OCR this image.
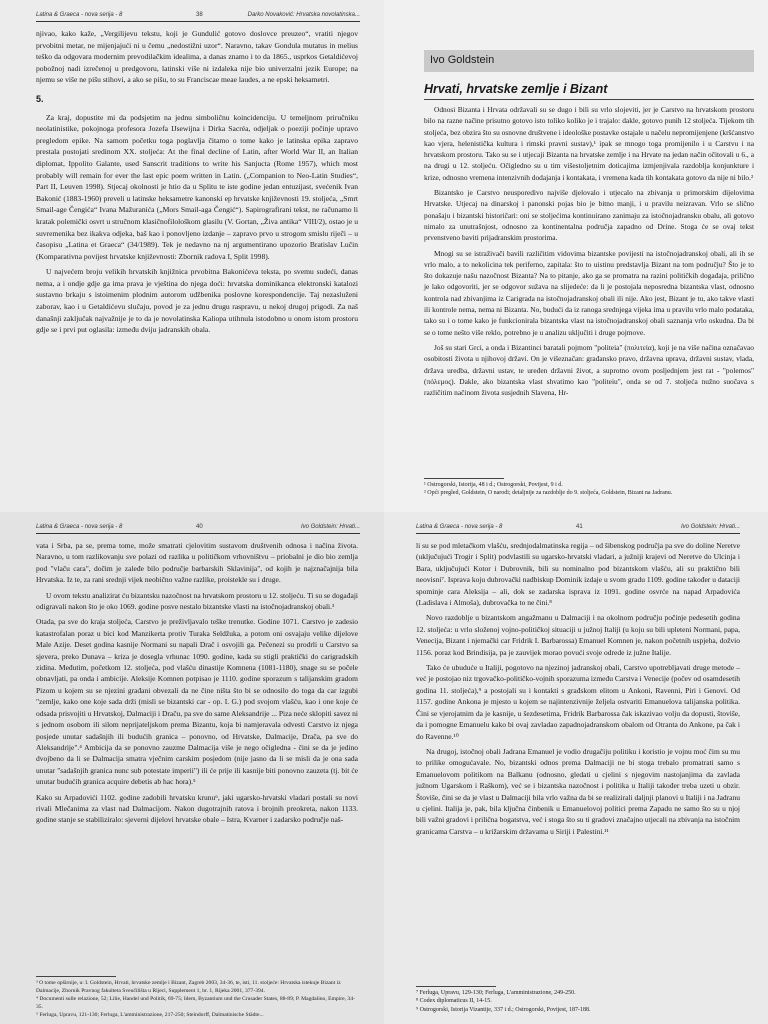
Latina & Graeca - nova serija - 8	38	Darko Novaković: Hrvatska novolatinska...

njivao, kako kaže, „Vergilijevu tekstu, koji je Gundulić gotovo doslovce preuzeo“, vratiti njegov prvobitni metar, ne mijenjajući ni u čemu „nedostižni uzor“. Naravno, takav Gondula mutatus in melius teško da odgovara modernim prevodilačkim idealima, a danas znamo i to da 1865., usprkos Getaldićevoj pobožnoj nadi izrečenoj u predgovoru, latinski više ni izdaleka nije bio univerzalni jezik Europe; na njemu se više ne pišu stihovi, a ako se pišu, to su Franciscae meae laudes, a ne epski heksametri.

5.

Za kraj, dopustite mi da podsjetim na jednu simboličnu koincidenciju. U temeljnom priručniku neolatinistike, pokojnoga profesora Jozefa IJsewijna i Dirka Sacréa, odjeljak o poeziji počinje upravo pregledom epike. Na samom početku toga poglavlja čitamo o tome kako je latinska epika zapravo prestala postojati sredinom XX. stoljeća: At the final decline of Latin, after World War II, an Italian diplomat, Ippolito Galante, used Sanscrit traditions to write his Sanjucta (Rome 1957), which most probably will remain for ever the last epic poem written in Latin. („Companion to Neo-Latin Studies“, Part II, Leuven 1998). Stjecaj okolnosti je htio da u Splitu te iste godine jedan entuzijast, svećenik Ivan Bakonić (1883-1960) preveli u latinske heksametre kanonski ep hrvatske književnosti 19. stoljeća, „Smrt Smail-age Čengića“ Ivana Mažuranića („Mors Smail-aga Čengić“). Sapirografirani tekst, ne računamo li kratak polemički osvrt u stručnom klasičnofilološkom glasilu (V. Gortan, „Živa antika“ VIII/2), ostao je u suvremenika bez ikakva odjeka, baš kao i ponovljeno izdanje – zapravo prvo u strogom smislu riječi – u časopisu „Latina et Graeca“ (34/1989). Tek je nedavno na nj argumentirano upozorio Bratislav Lučin (Komparativna povijest hrvatske književnosti: Zbornik radova I, Split 1998).

U najvećem broju velikih hrvatskih knjižnica prvobitna Bakonićeva teksta, po svemu sudeći, danas nema, a i ondje gdje ga ima prava je vještina do njega doći: hrvatska dominikanca elektronski katalozi sustavno brkaju s istoimenim plodnim autorom udžbenika poslovne korespondencije. Taj nezasluženi zaborav, kao i u Getaldićevu slučaju, povod je za jednu drugu raspravu, u nekoj drugoj prigodi. Za naš današnji zaključak najvažnije je to da je novolatinska Kaliopa utihnula istodobno u onom istom prostoru gdje se i prvi put oglasila: između dviju jadranskih obala.

Ivo Goldstein
Hrvati, hrvatske zemlje i Bizant

Odnosi Bizanta i Hrvata održavali su se dugo i bili su vrlo slojeviti, jer je Carstvo na hrvatskom prostoru bilo na razne načine prisutno gotovo isto toliko koliko je i trajalo: dakle, gotovo punih 12 stoljeća. Tijekom tih stoljeća, bez obzira što su osnovne društvene i ideološke postavke ostajale u načelu nepromijenjene (kršćanstvo kao vjera, helenistička kultura i rimski pravni sustav),¹ ipak se mnogo toga promijenilo i u Carstvu i na hrvatskom prostoru. Tako su se i utjecaji Bizanta na hrvatske zemlje i na Hrvate na jedan način očitovali u 6., a na drugi u 12. stoljeću. Očigledno su u tim višestoljetnim doticajima izmjenjivala razdoblja konjunkture i krize, odnosno vremena intenzivnih dodajanja i kontakata, i vremena kada tih kontakata gotovo da nije ni bilo.²

Bizantsko je Carstvo neusporedivo najviše djelovalo i utjecalo na zbivanja u primorskim dijelovima Hrvatske. Utjecaj na dinarskoj i panonski pojas bio je bitno manji, i u pravilu neizravan. Vrlo se slično ponašaju i bizantski historičari: oni se stoljećima kontinuirano zanimaju za istočnojadransku obalu, ali gotovo nimalo za unutrašnjost, odnosno za kontinentalna područja zapadno od Drine. Stoga će se ovaj tekst prvenstveno baviti prijadranskim prostorima.

Mnogi su se istraživači bavili različitim vidovima bizantske povijesti na istočnojadranskoj obali, ali ih se vrlo malo, a to nekolicina tek periferno, zapitala: što to uistinu predstavlja Bizant na tom području? Što je to što dokazuje našu nazočnost Bizanta? Na to pitanje, ako ga se promatra na razini političkih događaja, prilično je lako odgovoriti, jer se odgovor sužava na slijedeće: da li je postojala neposredna bizantska vlast, odnosno kontrola nad zbivanjima iz Carigrada na istočnojadranskoj obali ili nije. Ako jest, Bizant je tu, ako takve vlasti ili kontrole nema, nema ni Bizanta. No, budući da iz ranoga srednjega vijeka ima u pravilu vrlo malo podataka, tako su i o tome kako je funkcionirala bizantska vlast na istočnojadranskoj obali saznanja vrlo oskudna. Da bi se o tome nešto više reklo, potrebno je u analizu uključiti i druge pojmove.

Još su stari Grci, a onda i Bizantinci baratali pojmom "politeia" (πολιτεία), koji je na više načina označavao osobitosti života u njihovoj državi. On je višeznačan: građansko pravo, državna uprava, državni sustav, vlada, država uredba, državni ustav, te uređen državni život, a suprotno ovom posljednjem jest rat - "polemos" (πόλεμος). Dakle, ako bizantska vlast shvatimo kao "politeiu", onda se od 7. stoljeća nužno suočava s različitim načinom života susjednih Slavena, Hr-

¹ Ostrogorski, Istorija, 48 i d.; Ostrogorski, Povijest, 9 i d.
² Opći pregled, Goldstein, O narodi; detaljnije za razdoblje do 9. stoljeća, Goldstein, Bizant na Jadranu.
Latina & Graeca - nova serija - 8	40	Ivo Goldstein: Hrvati...

vata i Srba, pa se, prema tome, može smatrati cjelovitim sustavom društvenih odnosa i načina života. Naravno, u tom razlikovanju sve polazi od razlika u političkom vrhovništvu – priobalni je dio bio zemlja pod "vlaču cara", dočim je zaleđe bilo područje barbarskih Sklavinija", od kojih je najznačajnija bila Hrvatska. Iz te, za rani srednji vijek neobično važne razlike, proistekle su i druge.

U ovom tekstu analizirat ću bizantsku nazočnost na hrvatskom prostoru u 12. stoljeću. Ti su se događaji odigravali nakon što je oko 1069. godine posve nestalo bizantske vlasti na istočnojadranskoj obali.³

Otada, pa sve do kraja stoljeća, Carstvo je preživljavalo teške trenutke. Godine 1071. Carstvo je zadesio katastrofalan poraz u bici kod Manzikerta protiv Turaka Seldžuka, a potom oni osvajaju velike dijelove Male Azije. Deset godina kasnije Normani su napali Drač i osvojili ga. Pečenezi su prodrli u Carstvo sa sjevera, preko Dunava – kriza je dosegla vrhunac 1090. godine, kada su stigli praktički do carigradskih zidina. Međutim, početkom 12. stoljeća, pod vlašću dinastije Komnena (1081-1180), snage su se počele obnavljati, pa onda i ambicije. Aleksije Komnen potpisao je 1110. godine sporazum s talijanskim gradom Pizom u kojem su se njezini građani obvezali da ne čine ništa što bi se odnosilo do toga da car izgubi "zemlje, kako one koje sada drži (misli se bizantski car - op. I. G.) pod svojom vlašću, kao i one koje će odsada prisvojiti u Hrvatskoj, Dalmaciji i Draču, pa sve do same Aleksandrije ... Piza neće sklopiti savez ni s jednom osobom ili silom neprijateljskom prema Bizantu, koja bi namjeravala odvesti Carstvo iz njega posjede unutar sadašnjih ili budućih granica – ponovno, od Hrvatske, Dalmacije, Drača, pa sve do Aleksandrije".⁴ Ambicija da se ponovno zauzme Dalmacija više je nego očigledna - čini se da je jedino dvojbeno da li se Dalmacija smatra vječnim carskim posjedom (nije jasno da li se misli da je ona sada unutar "sadašnjih granica nunc sub potestate imperii") ili će prije ili kasnije biti ponovno zauzeta (tj. bit će unutar budućih granica acquire debetis ab hac hora).⁵

Kako su Arpadovići 1102. godine zadobili hrvatsku krunu⁶, jaki ugarsko-hrvatski vladari postali su novi rivali Mlečanima za vlast nad Dalmacijom. Nakon dugotrajnih ratova i brojnih preokreta, nakon 1133. godine stanje se stabiliziralo: sjeverni dijelovi hrvatske obale – Istra, Kvarner i zadarsko područje naš-

³ O tome opširnije, u: I. Goldstein, Hrvati, hrvatske zemlje i Bizant, Zagreb 2003, 34-36, te, isti, 11. stoljeće: Hrvatska istekuje Bizant iz Dalmacije, Zbornik Pravnog fakulteta Sveučilišta u Rijeci, Supplement 1, br. 1, Rijeka 2001, 377-394.
⁴ Documenti sulle relazione, 52; Lilie, Handel und Politik, 69-75; Idem, Byzantium und the Crusader States, 88-89; P. Magdalino, Empire, 34-35.
⁵ Ferluga, Upravu, 121-130; Ferluga, L'amministrazione, 217-250; Steindorff, Dalmatinische Städte...
Latina & Graeca - nova serija - 8	41	Ivo Goldstein: Hrvati...

li su se pod mletačkom vlašću, srednjodalmatinska regija – od šibenskog područja pa sve do doline Neretve (uključujući Trogir i Split) podvlastili su ugarsko-hrvatski vladari, a južniji krajevi od Neretve do Ulcinja i Bara, uključujući Kotor i Dubrovnik, bili su nominalno pod bizantskom vlašću, ali su praktično bili neovisni⁷. Isprava koju dubrovački nadbiskup Dominik izdaje u svom gradu 1109. godine također u dataciji spominje cara Aleksija – ali, dok se zadarska isprava iz 1091. godine osvrće na napad Arpadovića (Ladislava i Almoša), dubrovačka to ne čini.⁸

Novo razdoblje u bizantskom angažmanu u Dalmaciji i na okolnom području počinje pedesetih godina 12. stoljeća: u vrlo složenoj vojno-političkoj situaciji u južnoj Italiji (u koju su bili upleteni Normani, papa, Venecija, Bizant i njemački car Fridrik I. Barbarossa) Emanuel Komnen je, nakon početnih uspjeha, dožvio 1156. poraz kod Brindisija, pa je zauvijek morao povući svoje odrede iz južne Italije.

Tako će ubuduće u Italiji, pogotovo na njezinoj jadranskoj obali, Carstvo upotrebljavati druge metode – već je postojao niz trgovačko-političko-vojnih sporazuma između Carstva i Venecije (počev od osamdesetih godina 11. stoljeća),⁹ a postojali su i kontakti s građskom elitom u Ankoni, Ravenni, Piri i Genovi. Od 1157. godine Ankona je mjesto u kojem se najintenzivnije željela ostvariti Emanuelova talijanska politika. Čini se vjerojatnim da je kasnije, u šezdesetima, Fridrik Barbarossa čak iskazivao volju da dopusti, štoviše, da i pomogne Emanuelu kako bi ovaj zavladao zapadnojadranskom obalom od Otranta do Ankone, pa čak i do Ravenne.¹⁰

Na drugoj, istočnoj obali Jadrana Emanuel je vodio drugačiju politiku i koristio je vojnu moć čim su mu to prilike omogućavale. No, bizantski odnos prema Dalmaciji ne bi stoga trebalo promatrati samo s Emanuelovom politikom na Balkanu (odnosno, gledati u cjelini s njegovim nastojanjima da zavlada južnom Ugarskom i Raškom), već se i bizantska nazočnost i politika u Italiji također treba uzeti u obzir. Štoviše, čini se da je vlast u Dalmaciji bila vrlo važna da bi se realizirali daljnji planovi u Italiji i na Jadranu u cjelini. Italija je, pak, bila ključna činbenik u Emanuelovoj politici prema Zapadu ne samo što su u njoj bili važni gradovi i prilična bogatstva, već i stoga što su ti gradovi značajno utjecali na zbivanja na istočnim granicama Carstva – u križarskim državama u Siriji i Palestini.¹¹

⁷ Ferluga, Upravu, 129-130; Ferluga, L'amministrazione, 249-250.
⁸ Codex diplomaticus II, 14-15.
⁹ Ostrogorski, Istorija Vizantije, 337 i d.; Ostrogorski, Povijest, 187-188.
